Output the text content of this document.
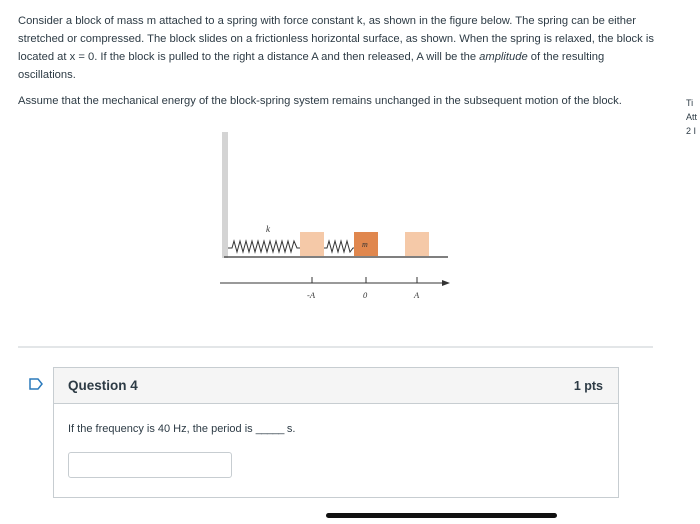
Consider a block of mass m attached to a spring with force constant k, as shown in the figure below. The spring can be either stretched or compressed. The block slides on a frictionless horizontal surface, as shown. When the spring is relaxed, the block is located at x = 0. If the block is pulled to the right a distance A and then released, A will be the amplitude of the resulting oscillations.

Assume that the mechanical energy of the block-spring system remains unchanged in the subsequent motion of the block.	Ti
Att
2 I
k
m
-A	0	A
Question 4	1 pts
If the frequency is 40 Hz, the period is _____ s.
